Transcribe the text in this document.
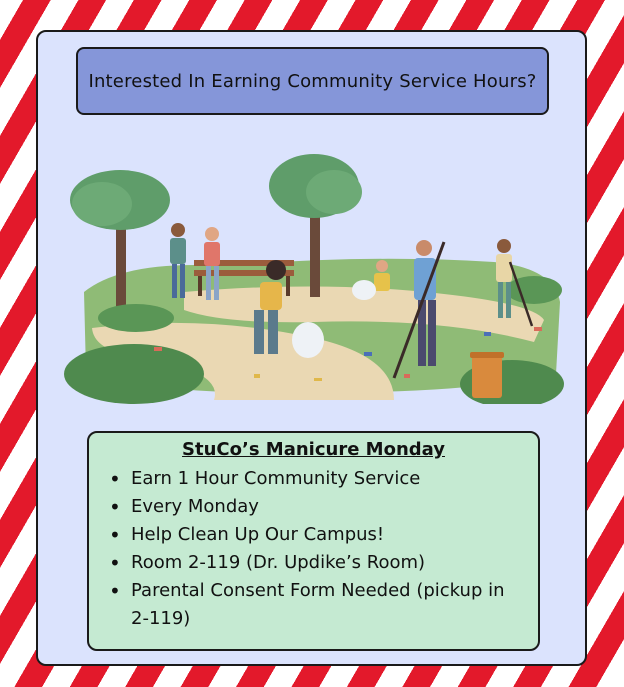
Interested In Earning Community Service Hours?
StuCo’s Manicure Monday
• Earn 1 Hour Community Service
• Every Monday
• Help Clean Up Our Campus!
• Room 2-119 (Dr. Updike’s Room)
• Parental Consent Form Needed (pickup in 2-119)
